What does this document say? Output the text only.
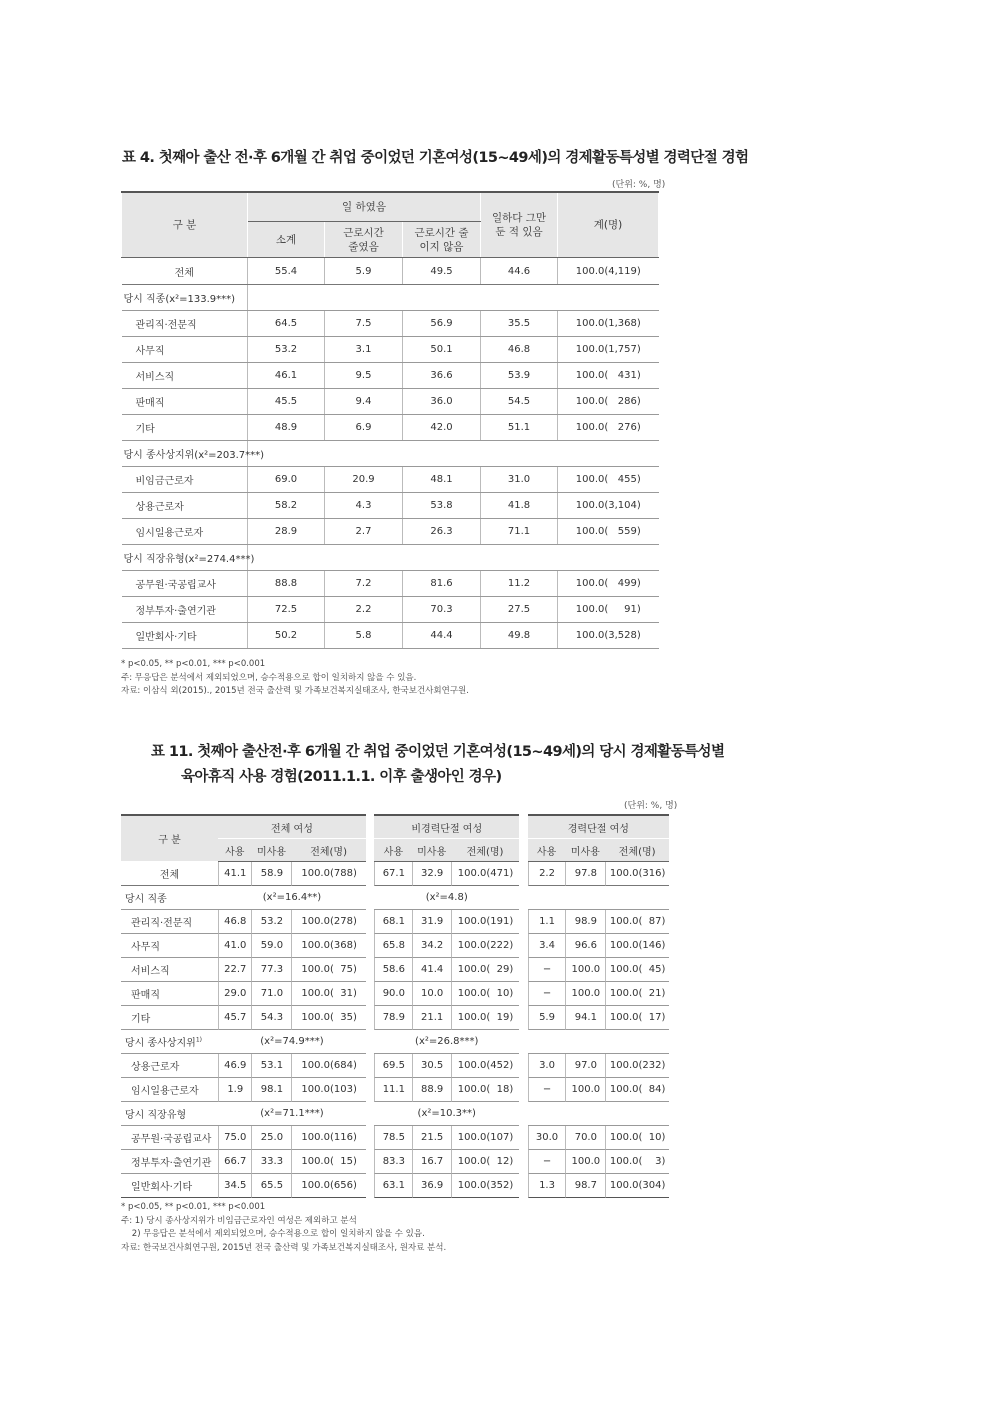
표 4. 첫째아 출산 전·후 6개월 간 취업 중이었던 기혼여성(15~49세)의 경제활동특성별 경력단절 경험
(단위: %, 명)
구 분	일 하였음			일하다 그만 둔 적 있음	계(명)
	소계	근로시간 줄였음	근로시간 줄이지 않음		

전체	55.4	5.9	49.5	44.6	100.0(4,119)
당시 직종(x²=133.9***)					
관리직·전문직	64.5	7.5	56.9	35.5	100.0(1,368)
사무직	53.2	3.1	50.1	46.8	100.0(1,757)
서비스직	46.1	9.5	36.6	53.9	100.0(   431)
판매직	45.5	9.4	36.0	54.5	100.0(   286)
기타	48.9	6.9	42.0	51.1	100.0(   276)
당시 종사상지위(x²=203.7***)					
비임금근로자	69.0	20.9	48.1	31.0	100.0(   455)
상용근로자	58.2	4.3	53.8	41.8	100.0(3,104)
임시일용근로자	28.9	2.7	26.3	71.1	100.0(   559)
당시 직장유형(x²=274.4***)					
공무원·국공립교사	88.8	7.2	81.6	11.2	100.0(   499)
정부투자·출연기관	72.5	2.2	70.3	27.5	100.0(     91)
일반회사·기타	50.2	5.8	44.4	49.8	100.0(3,528)
* p<0.05, ** p<0.01, *** p<0.001
주: 무응답은 분석에서 제외되었으며, 승수적용으로 합이 일치하지 않을 수 있음.
자료: 이삼식 외(2015)., 2015년 전국 출산력 및 가족보건복지실태조사, 한국보건사회연구원.
표 11. 첫째아 출산전·후 6개월 간 취업 중이었던 기혼여성(15~49세)의 당시 경제활동특성별
육아휴직 사용 경험(2011.1.1. 이후 출생아인 경우)
(단위: %, 명)
구 분	전체 여성				비경력단절 여성				경력단절 여성		
	사용	미사용	전체(명)		사용	미사용	전체(명)		사용	미사용	전체(명)
전체	41.1	58.9	100.0(788)		67.1	32.9	100.0(471)		2.2	97.8	100.0(316)
당시 직종	(x²=16.4**)				(x²=4.8)						
관리직·전문직	46.8	53.2	100.0(278)		68.1	31.9	100.0(191)		1.1	98.9	100.0(  87)
사무직	41.0	59.0	100.0(368)		65.8	34.2	100.0(222)		3.4	96.6	100.0(146)
서비스직	22.7	77.3	100.0(  75)		58.6	41.4	100.0(  29)		−	100.0	100.0(  45)
판매직	29.0	71.0	100.0(  31)		90.0	10.0	100.0(  10)		−	100.0	100.0(  21)
기타	45.7	54.3	100.0(  35)		78.9	21.1	100.0(  19)		5.9	94.1	100.0(  17)
당시 종사상지위$^{1)}$	(x²=74.9***)				(x²=26.8***)						
상용근로자	46.9	53.1	100.0(684)		69.5	30.5	100.0(452)		3.0	97.0	100.0(232)
임시일용근로자	1.9	98.1	100.0(103)		11.1	88.9	100.0(  18)		−	100.0	100.0(  84)
당시 직장유형	(x²=71.1***)				(x²=10.3**)						
공무원·국공립교사	75.0	25.0	100.0(116)		78.5	21.5	100.0(107)		30.0	70.0	100.0(  10)
정부투자·출연기관	66.7	33.3	100.0(  15)		83.3	16.7	100.0(  12)		−	100.0	100.0(    3)
일반회사·기타	34.5	65.5	100.0(656)		63.1	36.9	100.0(352)		1.3	98.7	100.0(304)
* p<0.05, ** p<0.01, *** p<0.001
주: 1) 당시 종사상지위가 비임금근로자인 여성은 제외하고 분석
2) 무응답은 분석에서 제외되었으며, 승수적용으로 합이 일치하지 않을 수 있음.
자료: 한국보건사회연구원, 2015년 전국 출산력 및 가족보건복지실태조사, 원자료 분석.
